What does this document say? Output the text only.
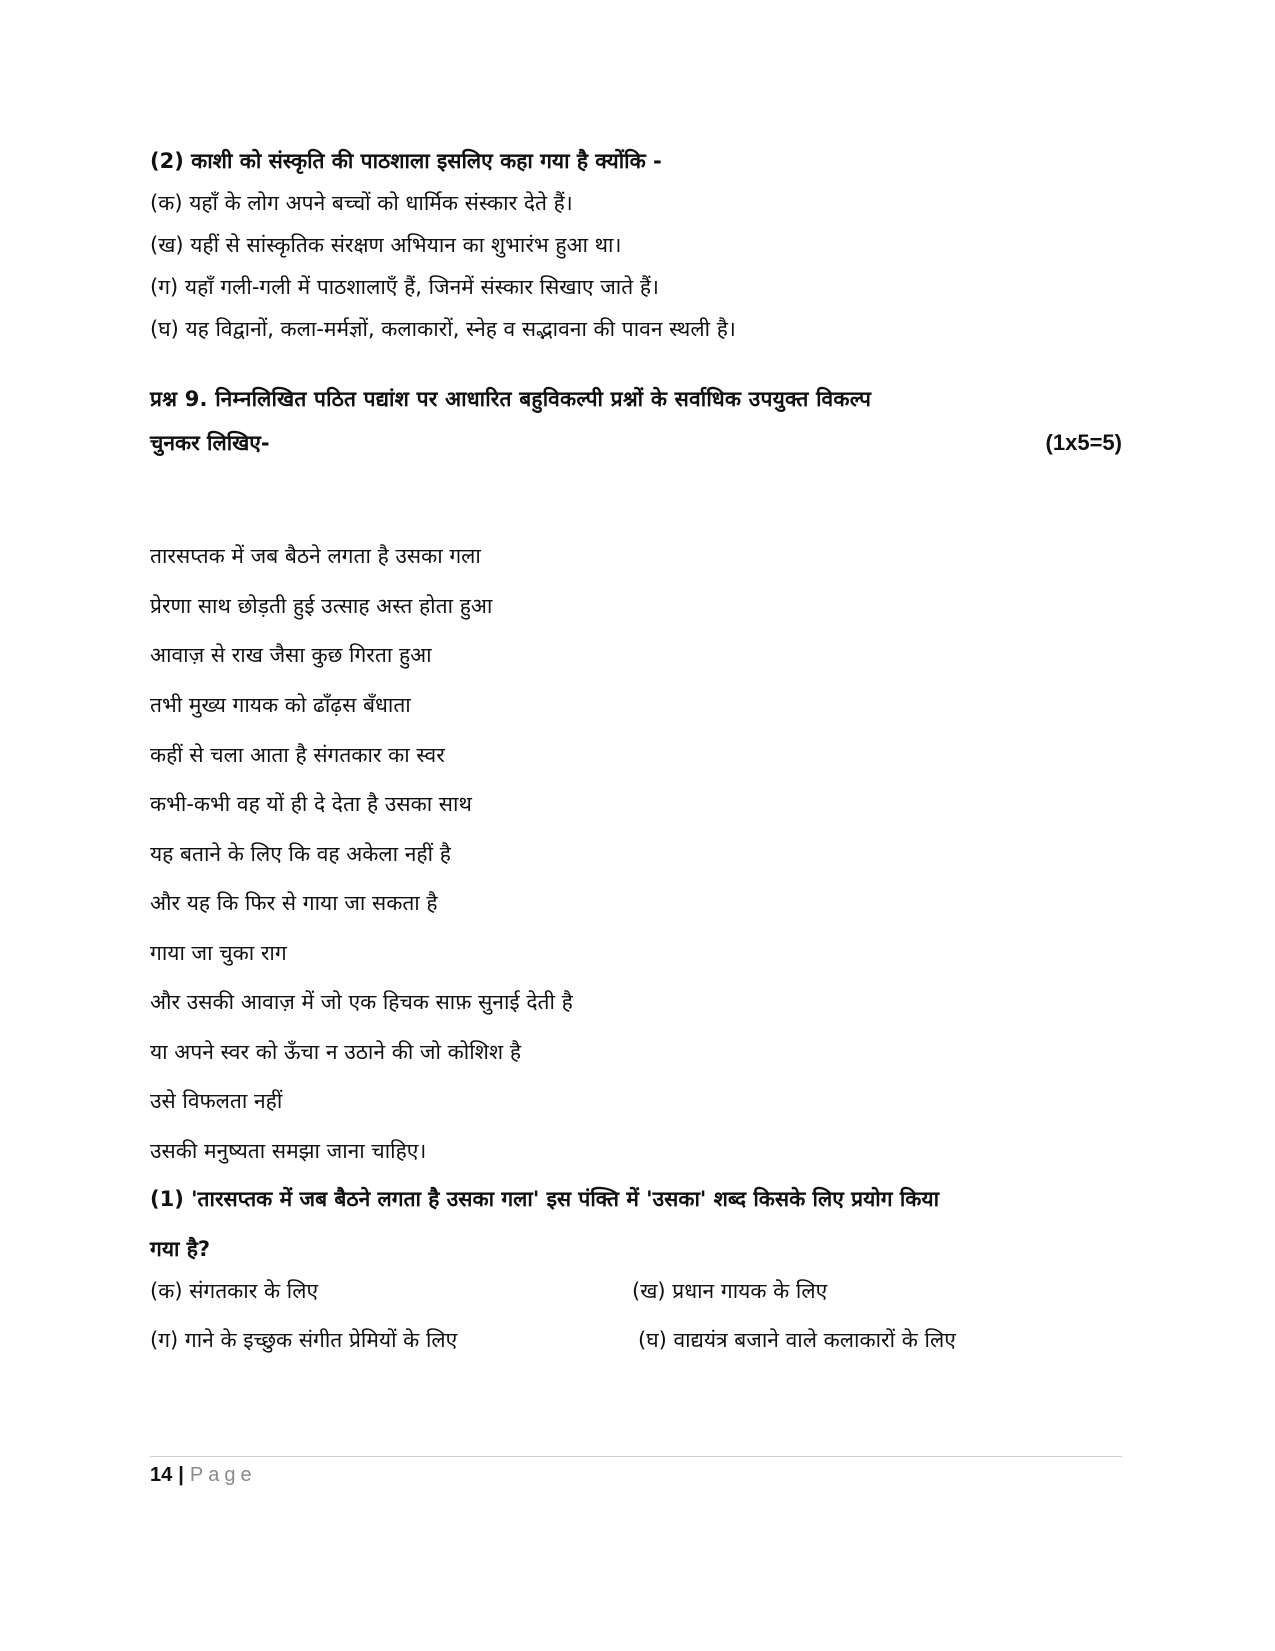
(2) काशी को संस्कृति की पाठशाला इसलिए कहा गया है क्योंकि -
(क) यहाँ के लोग अपने बच्चों को धार्मिक संस्कार देते हैं।
(ख) यहीं से सांस्कृतिक संरक्षण अभियान का शुभारंभ हुआ था।
(ग) यहाँ गली-गली में पाठशालाएँ हैं, जिनमें संस्कार सिखाए जाते हैं।
(घ) यह विद्वानों, कला-मर्मज्ञों, कलाकारों, स्नेह व सद्भावना की पावन स्थली है।
प्रश्न 9. निम्नलिखित पठित पद्यांश पर आधारित बहुविकल्पी प्रश्नों के सर्वाधिक उपयुक्त विकल्प
चुनकर लिखिए-	(1x5=5)
तारसप्तक में जब बैठने लगता है उसका गला
प्रेरणा साथ छोड़ती हुई उत्साह अस्त होता हुआ
आवाज़ से राख जैसा कुछ गिरता हुआ
तभी मुख्य गायक को ढाँढ़स बँधाता
कहीं से चला आता है संगतकार का स्वर
कभी-कभी वह यों ही दे देता है उसका साथ
यह बताने के लिए कि वह अकेला नहीं है
और यह कि फिर से गाया जा सकता है
गाया जा चुका राग
और उसकी आवाज़ में जो एक हिचक साफ़ सुनाई देती है
या अपने स्वर को ऊँचा न उठाने की जो कोशिश है
उसे विफलता नहीं
उसकी मनुष्यता समझा जाना चाहिए।
(1) 'तारसप्तक में जब बैठने लगता है उसका गला' इस पंक्ति में 'उसका' शब्द किसके लिए प्रयोग किया
गया है?
(क) संगतकार के लिए	(ख) प्रधान गायक के लिए
(ग) गाने के इच्छुक संगीत प्रेमियों के लिए	(घ) वाद्ययंत्र बजाने वाले कलाकारों के लिए
14 | Page
